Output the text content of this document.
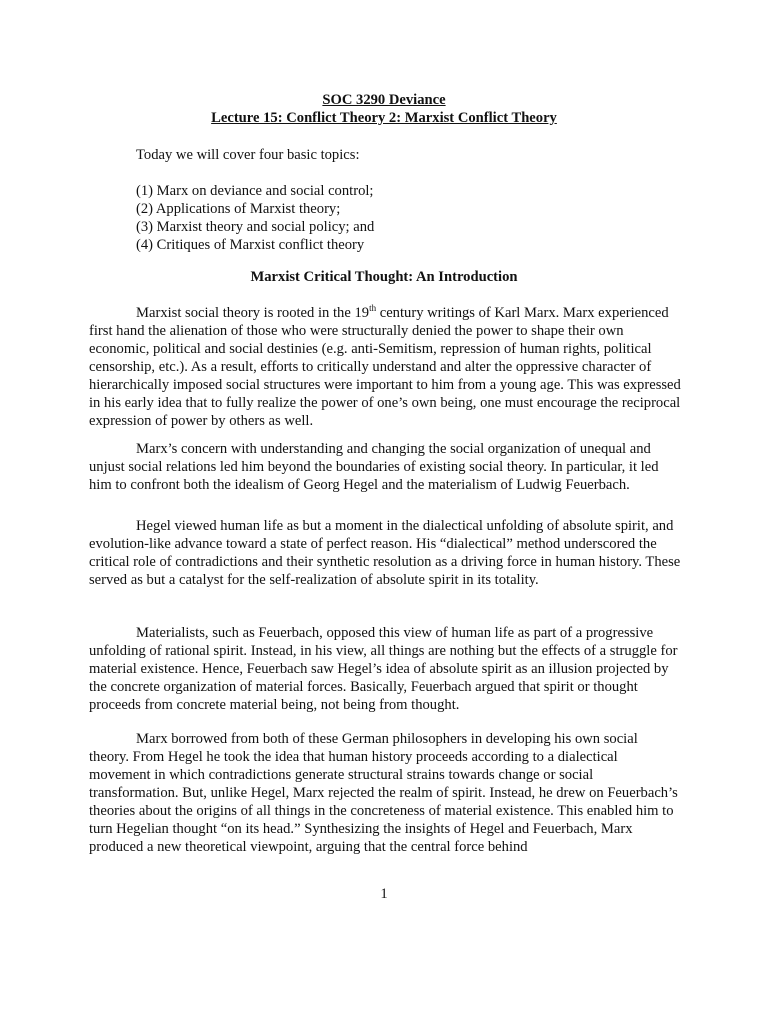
SOC 3290 Deviance
Lecture 15: Conflict Theory 2: Marxist Conflict Theory

Today we will cover four basic topics:

(1) Marx on deviance and social control;
(2) Applications of Marxist theory;
(3) Marxist theory and social policy; and
(4) Critiques of Marxist conflict theory
Marxist Critical Thought: An Introduction

Marxist social theory is rooted in the 19th century writings of Karl Marx. Marx experienced first hand the alienation of those who were structurally denied the power to shape their own economic, political and social destinies (e.g. anti-Semitism, repression of human rights, political censorship, etc.). As a result, efforts to critically understand and alter the oppressive character of hierarchically imposed social structures were important to him from a young age. This was expressed in his early idea that to fully realize the power of one’s own being, one must encourage the reciprocal expression of power by others as well.

Marx’s concern with understanding and changing the social organization of unequal and unjust social relations led him beyond the boundaries of existing social theory. In particular, it led him to confront both the idealism of Georg Hegel and the materialism of Ludwig Feuerbach.

Hegel viewed human life as but a moment in the dialectical unfolding of absolute spirit, and evolution-like advance toward a state of perfect reason. His “dialectical” method underscored the critical role of contradictions and their synthetic resolution as a driving force in human history. These served as but a catalyst for the self-realization of absolute spirit in its totality.

Materialists, such as Feuerbach, opposed this view of human life as part of a progressive unfolding of rational spirit. Instead, in his view, all things are nothing but the effects of a struggle for material existence. Hence, Feuerbach saw Hegel’s idea of absolute spirit as an illusion projected by the concrete organization of material forces. Basically, Feuerbach argued that spirit or thought proceeds from concrete material being, not being from thought.

Marx borrowed from both of these German philosophers in developing his own social theory. From Hegel he took the idea that human history proceeds according to a dialectical movement in which contradictions generate structural strains towards change or social transformation. But, unlike Hegel, Marx rejected the realm of spirit. Instead, he drew on Feuerbach’s theories about the origins of all things in the concreteness of material existence. This enabled him to turn Hegelian thought “on its head.” Synthesizing the insights of Hegel and Feuerbach, Marx produced a new theoretical viewpoint, arguing that the central force behind

1
